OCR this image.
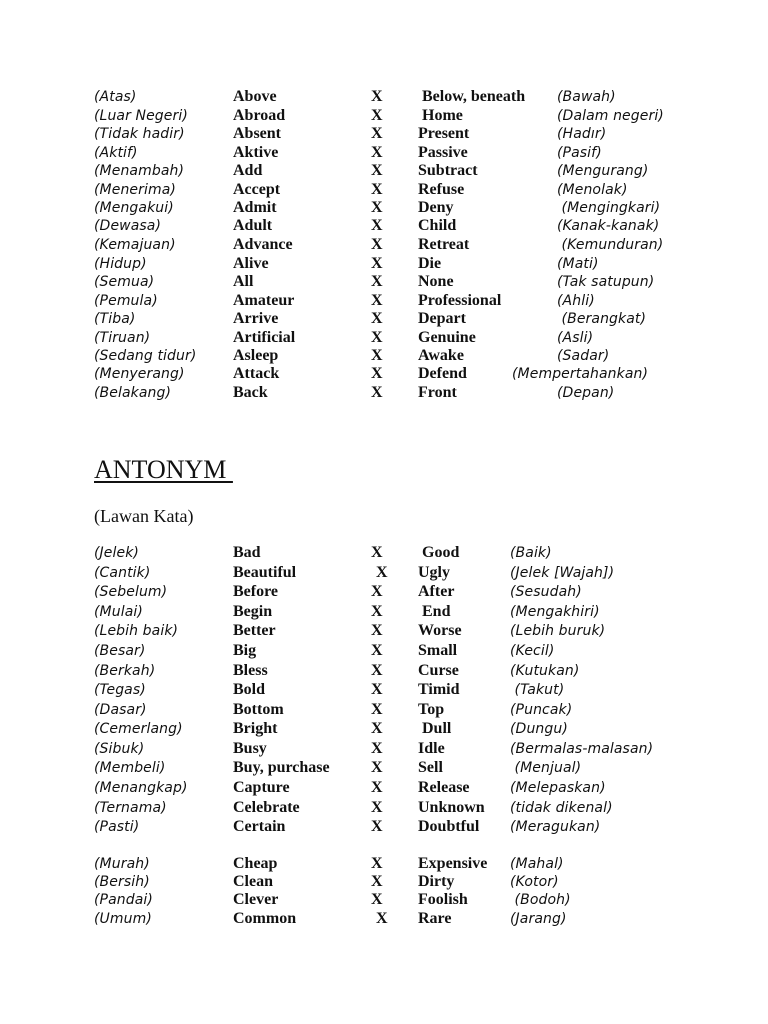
(Atas)	Above	X Below, beneath (Bawah)
(Luar Negeri)	Abroad	X Home	(Dalam negeri)
(Tidak hadir)	Absent	X Present	(Hadır)
(Aktif)	Aktive	X Passive	(Pasif)
(Menambah)	Add	X Subtract	(Mengurang)
(Menerima)	Accept	X Refuse	(Menolak)
(Mengakui)	Admit	X Deny	(Mengingkari)
(Dewasa)	Adult	X Child	(Kanak-kanak)
(Kemajuan)	Advance	X Retreat	(Kemunduran)
(Hidup)	Alive	X Die	(Mati)
(Semua)	All	X None	(Tak satupun)
(Pemula)	Amateur	X Professional	(Ahli)
(Tiba)	Arrive	X Depart	(Berangkat)
(Tiruan)	Artificial	X Genuine	(Asli)
(Sedang tidur) Asleep	X Awake	(Sadar)
(Menyerang)	Attack	X Defend	(Mempertahankan)
(Belakang)	Back	X Front	(Depan)
ANTONYM
(Lawan Kata)
(Jelek)	Bad	X Good	(Baik)
(Cantik)	Beautiful	X Ugly	(Jelek [Wajah])
(Sebelum)	Before	X After	(Sesudah)
(Mulai)	Begin	X End	(Mengakhiri)
(Lebih baik)	Better	X Worse	(Lebih buruk)
(Besar)	Big	X Small	(Kecil)
(Berkah)	Bless	X Curse	(Kutukan)
(Tegas)	Bold	X Timid	(Takut)
(Dasar)	Bottom	X Top	(Puncak)
(Cemerlang)	Bright	X Dull	(Dungu)
(Sibuk)	Busy	X Idle	(Bermalas-malasan)
(Membeli)	Buy, purchase	X Sell	(Menjual)
(Menangkap)	Capture	X Release	(Melepaskan)
(Ternama)	Celebrate	X Unknown (tidak dikenal)
(Pasti)	Certain	X Doubtful (Meragukan)
(Murah)	Cheap	X Expensive (Mahal)
(Bersih)	Clean	X Dirty	(Kotor)
(Pandai)	Clever	X Foolish	(Bodoh)
(Umum)	Common	X Rare	(Jarang)
